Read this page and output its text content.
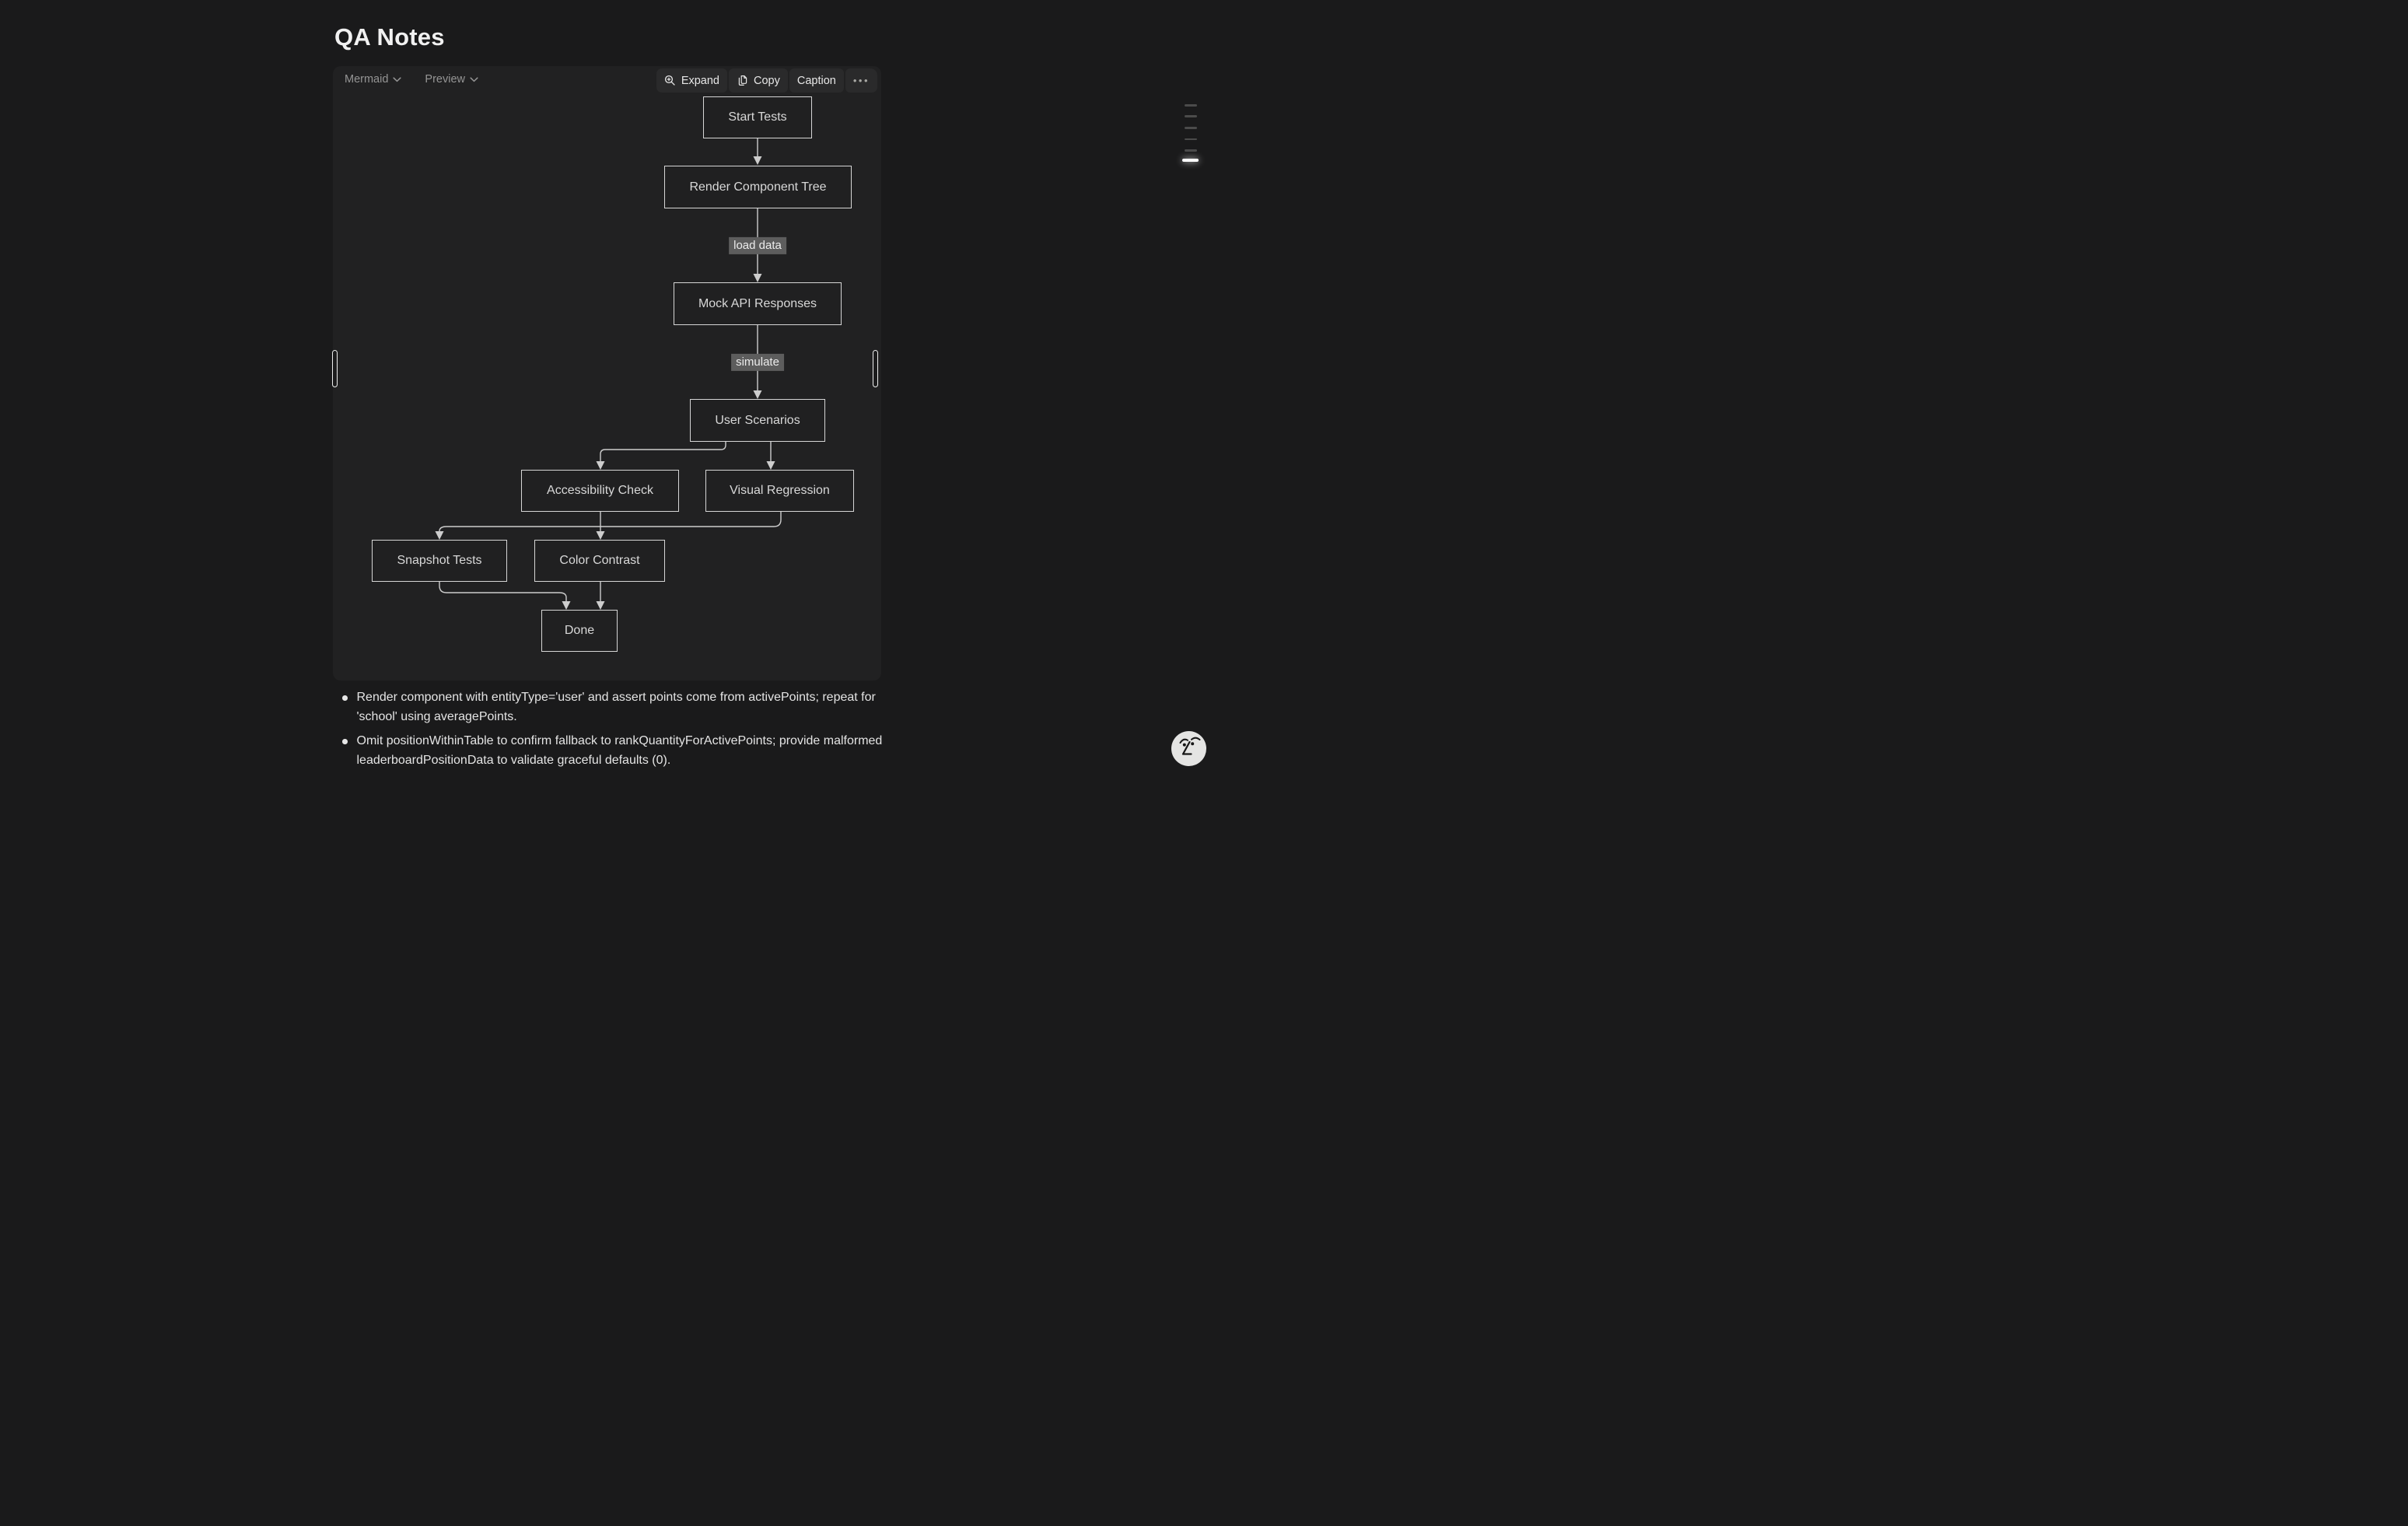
QA Notes
Mermaid	Preview	Expand	Copy Caption •••
Start Tests
Render Component Tree
Mock API Responses
User Scenarios
Accessibility Check	Visual Regression
Snapshot Tests	Color Contrast
Done
load data
simulate
Render component with entityType='user' and assert points come from activePoints; repeat for 'school' using averagePoints.
Omit positionWithinTable to confirm fallback to rankQuantityForActivePoints; provide malformed leaderboardPositionData to validate graceful defaults (0).
